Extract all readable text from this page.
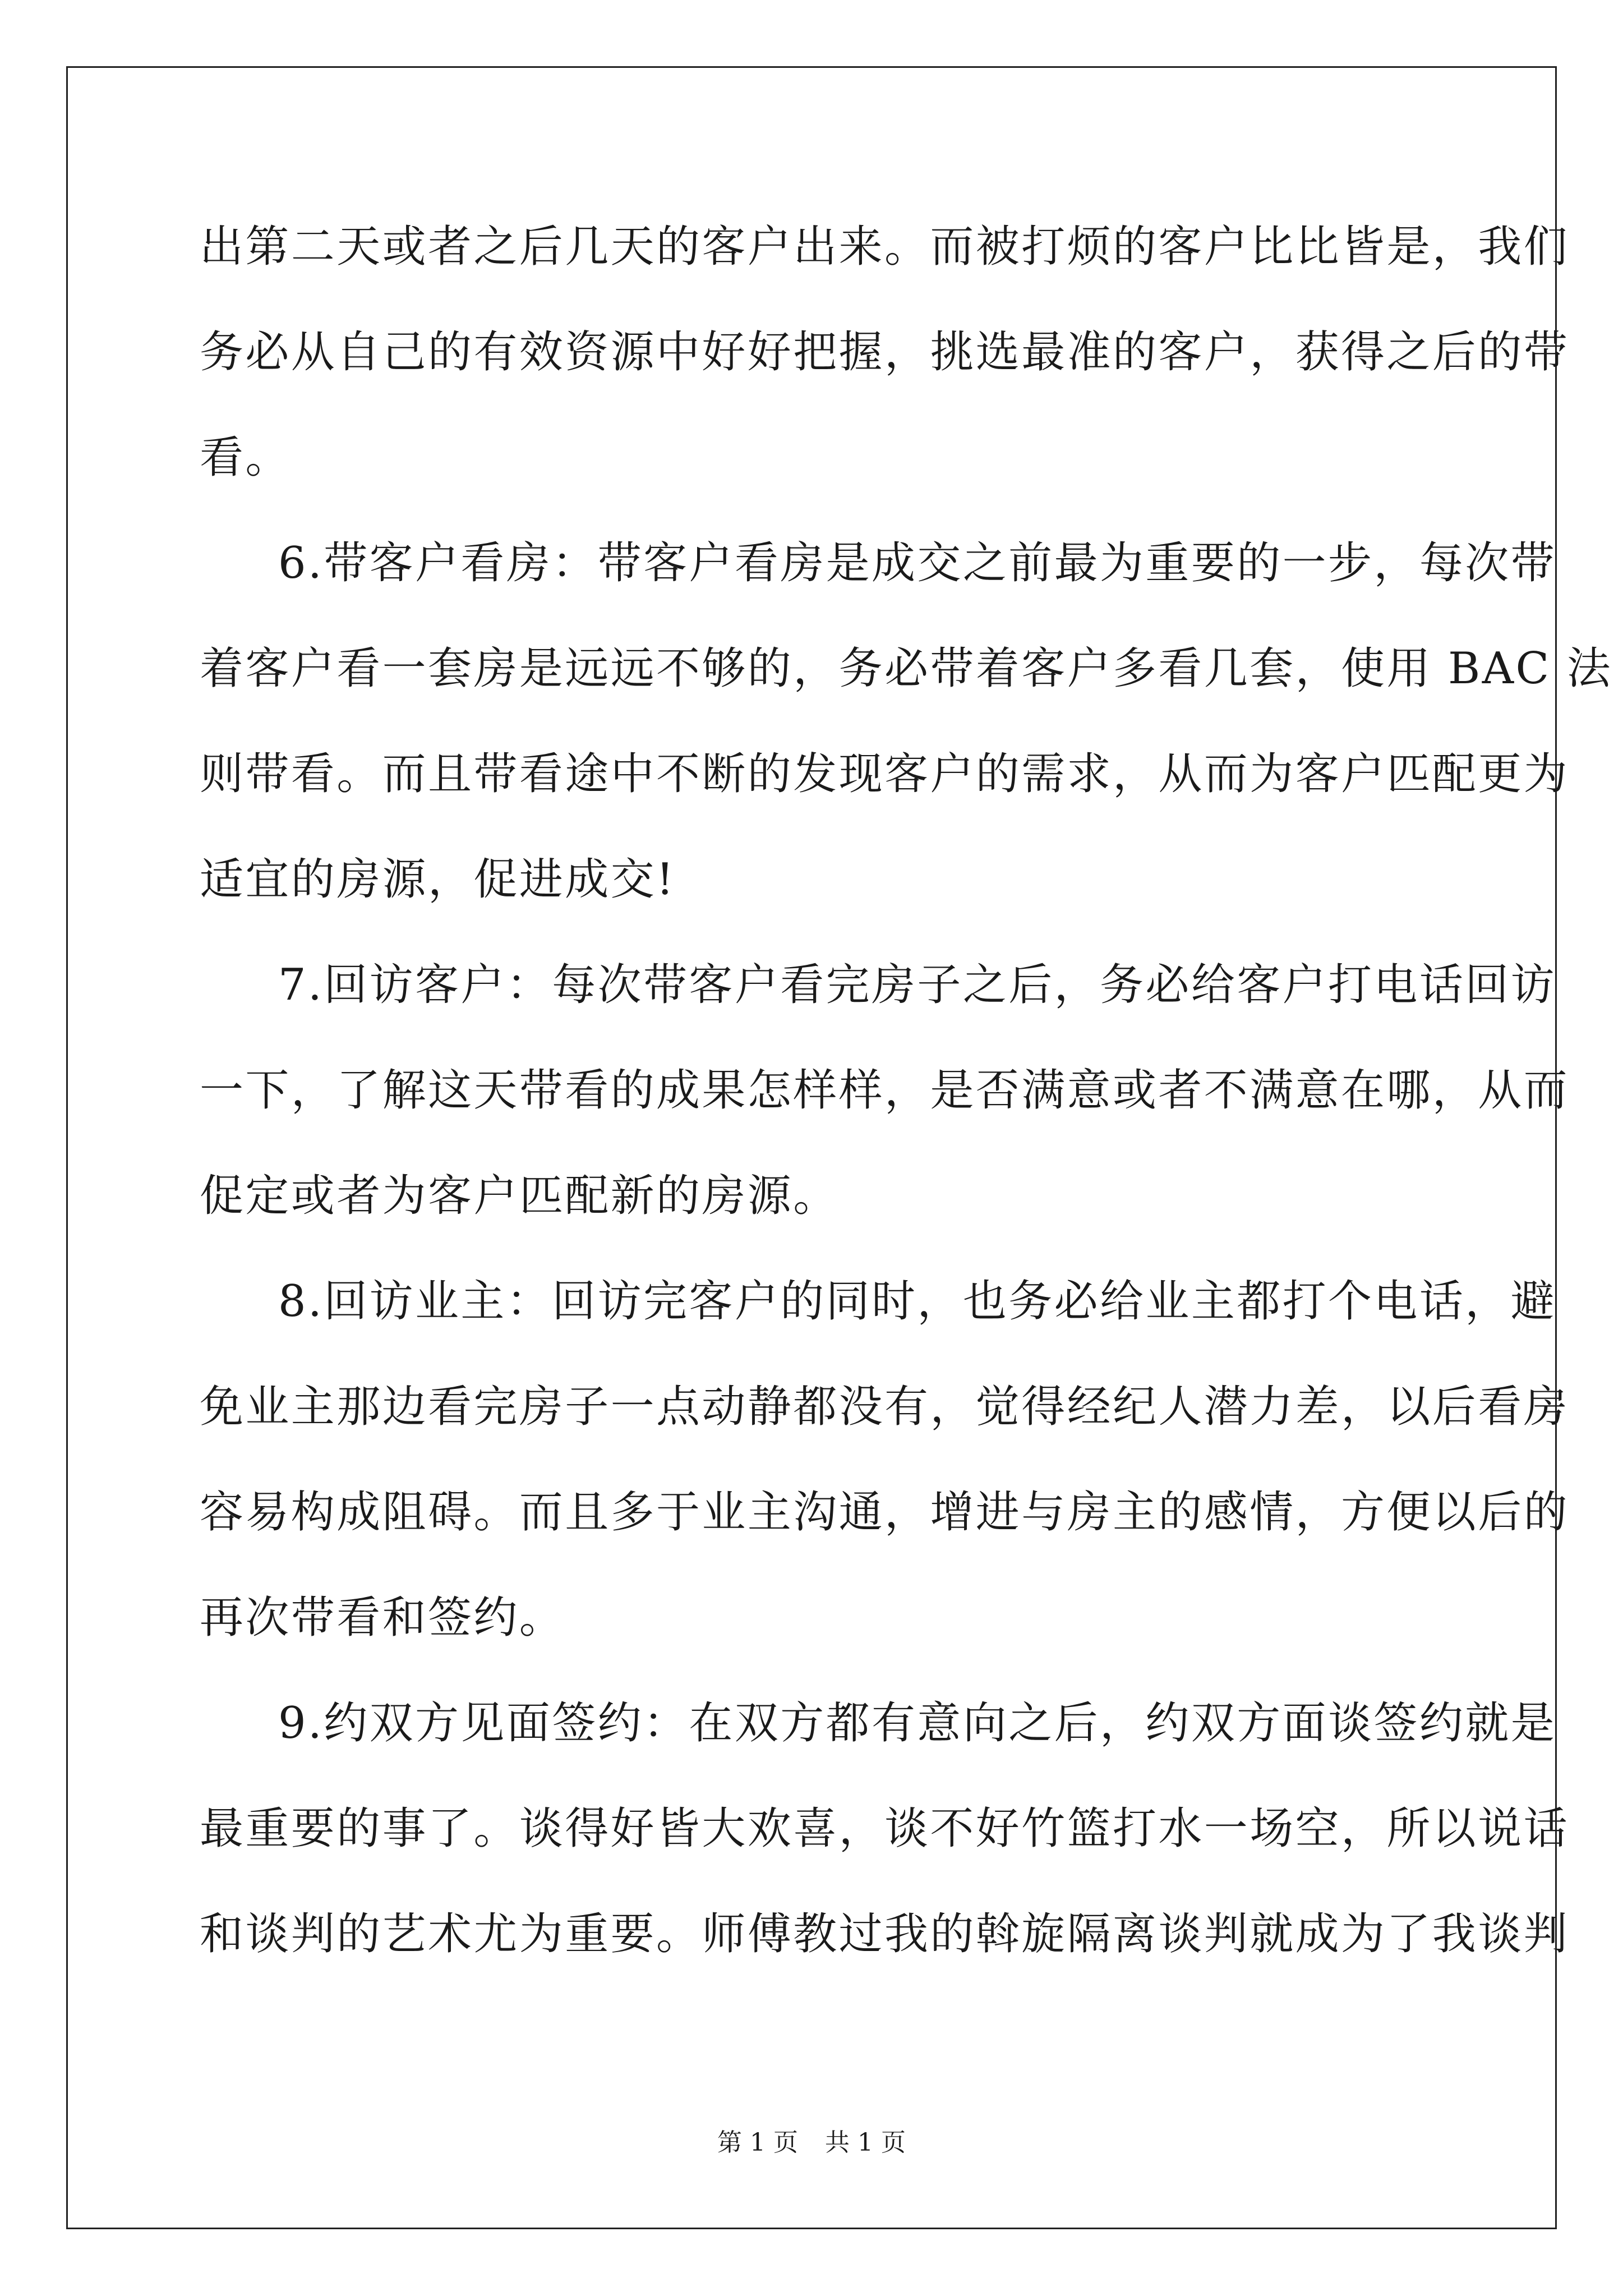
出第二天或者之后几天的客户出来。而被打烦的客户比比皆是，我们

务必从自己的有效资源中好好把握，挑选最准的客户，获得之后的带

看。

6.带客户看房：带客户看房是成交之前最为重要的一步，每次带

着客户看一套房是远远不够的，务必带着客户多看几套，使用 BAC 法

则带看。而且带看途中不断的发现客户的需求，从而为客户匹配更为

适宜的房源，促进成交!

7.回访客户：每次带客户看完房子之后，务必给客户打电话回访

一下，了解这天带看的成果怎样样，是否满意或者不满意在哪，从而

促定或者为客户匹配新的房源。

8.回访业主：回访完客户的同时，也务必给业主都打个电话，避

免业主那边看完房子一点动静都没有，觉得经纪人潜力差，以后看房

容易构成阻碍。而且多于业主沟通，增进与房主的感情，方便以后的

再次带看和签约。

9.约双方见面签约：在双方都有意向之后，约双方面谈签约就是

最重要的事了。谈得好皆大欢喜，谈不好竹篮打水一场空，所以说话

和谈判的艺术尤为重要。师傅教过我的斡旋隔离谈判就成为了我谈判

第 1 页 共 1 页
